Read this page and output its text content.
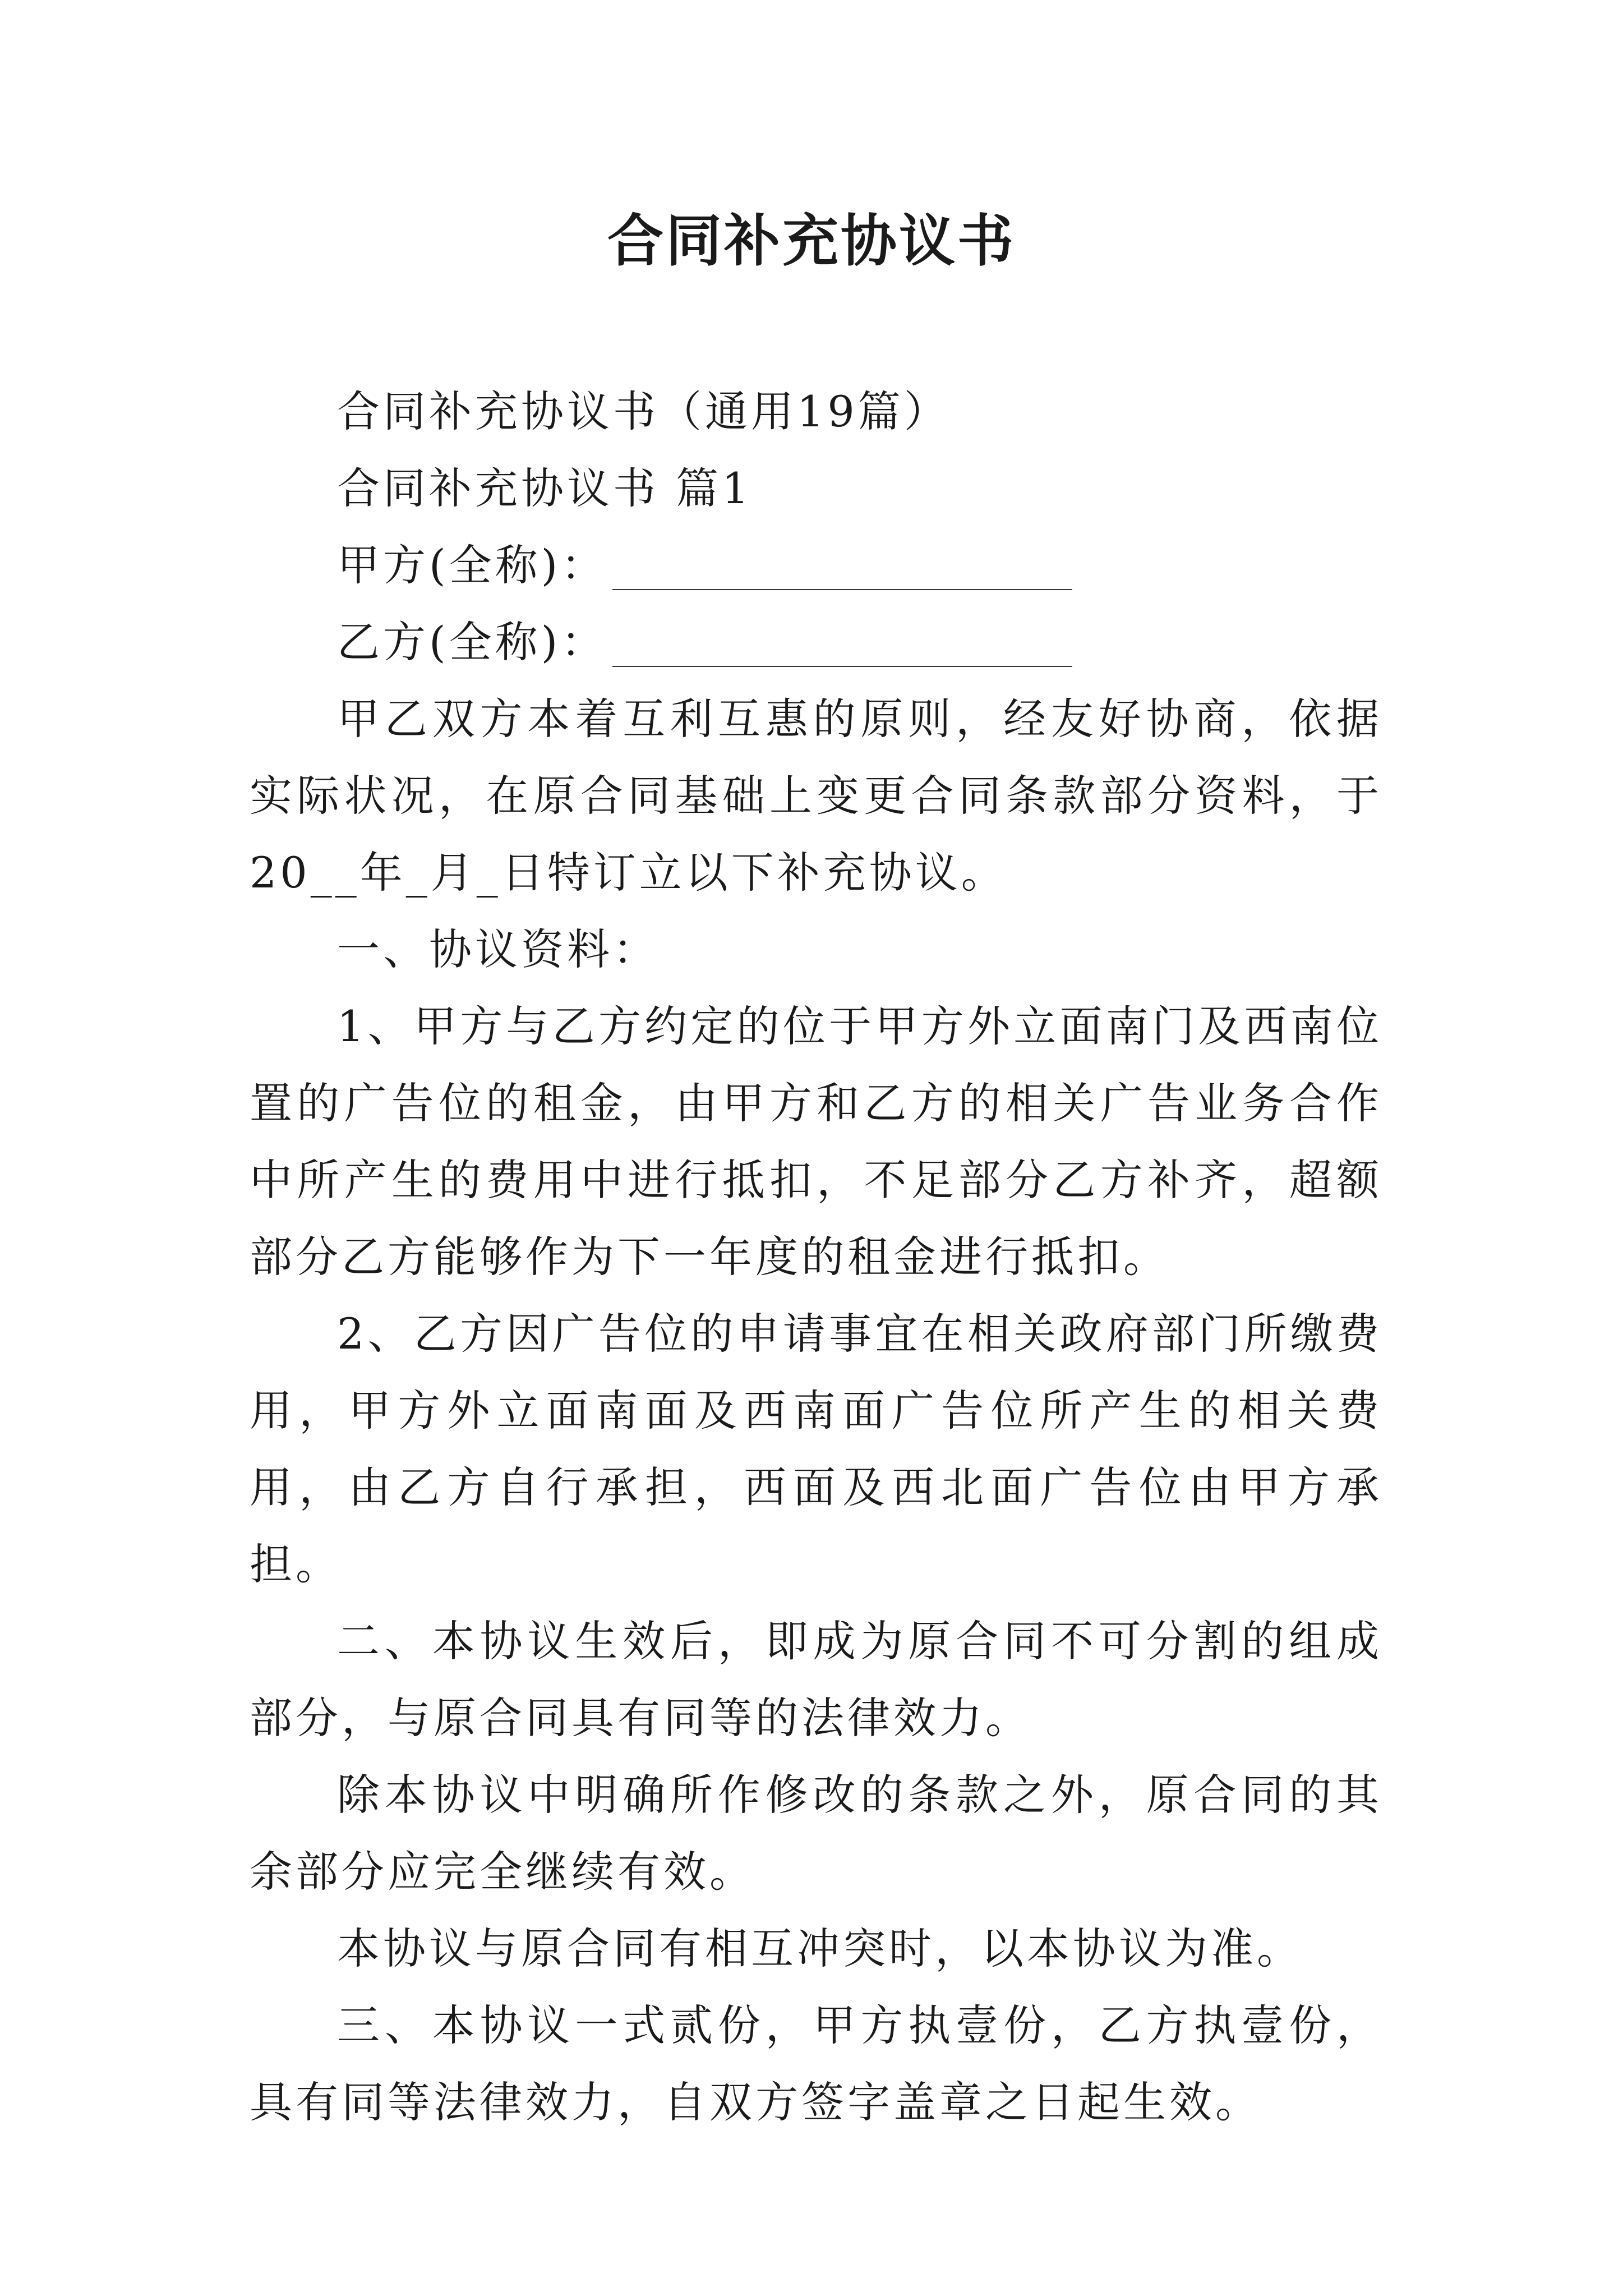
合同补充协议书

合同补充协议书（通用19篇）

合同补充协议书 篇1

甲方(全称)：

乙方(全称)：

甲乙双方本着互利互惠的原则，经友好协商，依据实际状况，在原合同基础上变更合同条款部分资料，于20__年_月_日特订立以下补充协议。

一、协议资料：

1、甲方与乙方约定的位于甲方外立面南门及西南位置的广告位的租金，由甲方和乙方的相关广告业务合作中所产生的费用中进行抵扣，不足部分乙方补齐，超额部分乙方能够作为下一年度的租金进行抵扣。

2、乙方因广告位的申请事宜在相关政府部门所缴费用，甲方外立面南面及西南面广告位所产生的相关费用，由乙方自行承担，西面及西北面广告位由甲方承担。

二、本协议生效后，即成为原合同不可分割的组成部分，与原合同具有同等的法律效力。

除本协议中明确所作修改的条款之外，原合同的其余部分应完全继续有效。

本协议与原合同有相互冲突时，以本协议为准。

三、本协议一式贰份，甲方执壹份，乙方执壹份，具有同等法律效力，自双方签字盖章之日起生效。
